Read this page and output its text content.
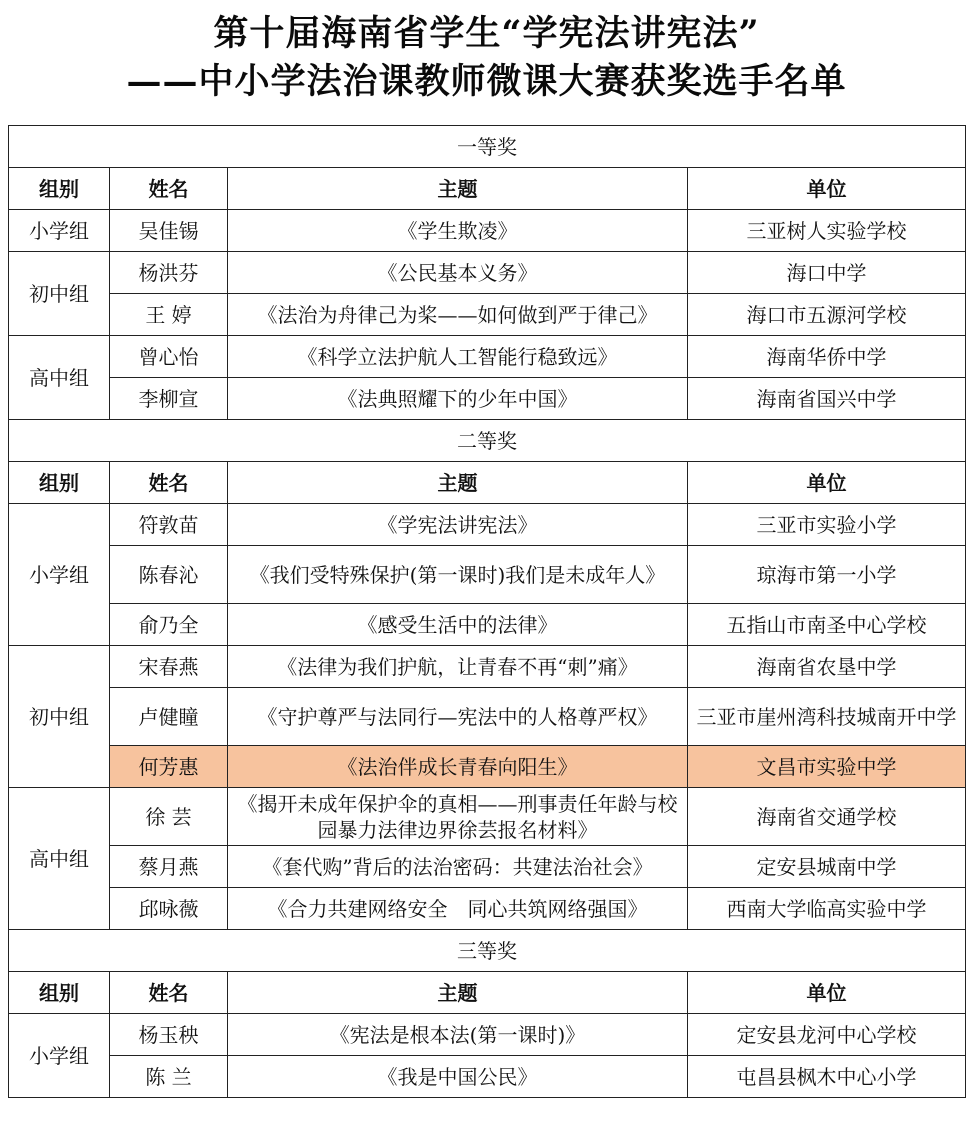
第十届海南省学生“学宪法讲宪法”

——中小学法治课教师微课大赛获奖选手名单

一等奖			
组别	姓名	主题	单位
小学组	吴佳锡	《学生欺凌》	三亚树人实验学校
初中组	杨洪芬	《公民基本义务》	海口中学
	王 婷	《法治为舟律己为桨——如何做到严于律己》	海口市五源河学校
高中组	曾心怡	《科学立法护航人工智能行稳致远》	海南华侨中学
	李柳宣	《法典照耀下的少年中国》	海南省国兴中学
二等奖			
组别	姓名	主题	单位
小学组	符敦苗	《学宪法讲宪法》	三亚市实验小学
	陈春沁	《我们受特殊保护(第一课时)我们是未成年人》	琼海市第一小学
	俞乃全	《感受生活中的法律》	五指山市南圣中心学校
初中组	宋春燕	《法律为我们护航，让青春不再“刺”痛》	海南省农垦中学
	卢健瞳	《守护尊严与法同行—宪法中的人格尊严权》	三亚市崖州湾科技城南开中学
	何芳惠	《法治伴成长青春向阳生》	文昌市实验中学
高中组	徐 芸	《揭开未成年保护伞的真相——刑事责任年龄与校园暴力法律边界徐芸报名材料》	海南省交通学校
	蔡月燕	《套代购”背后的法治密码：共建法治社会》	定安县城南中学
	邱咏薇	《合力共建网络安全　同心共筑网络强国》	西南大学临高实验中学
三等奖			
组别	姓名	主题	单位
小学组	杨玉秧	《宪法是根本法(第一课时)》	定安县龙河中心学校
	陈 兰	《我是中国公民》	屯昌县枫木中心小学
